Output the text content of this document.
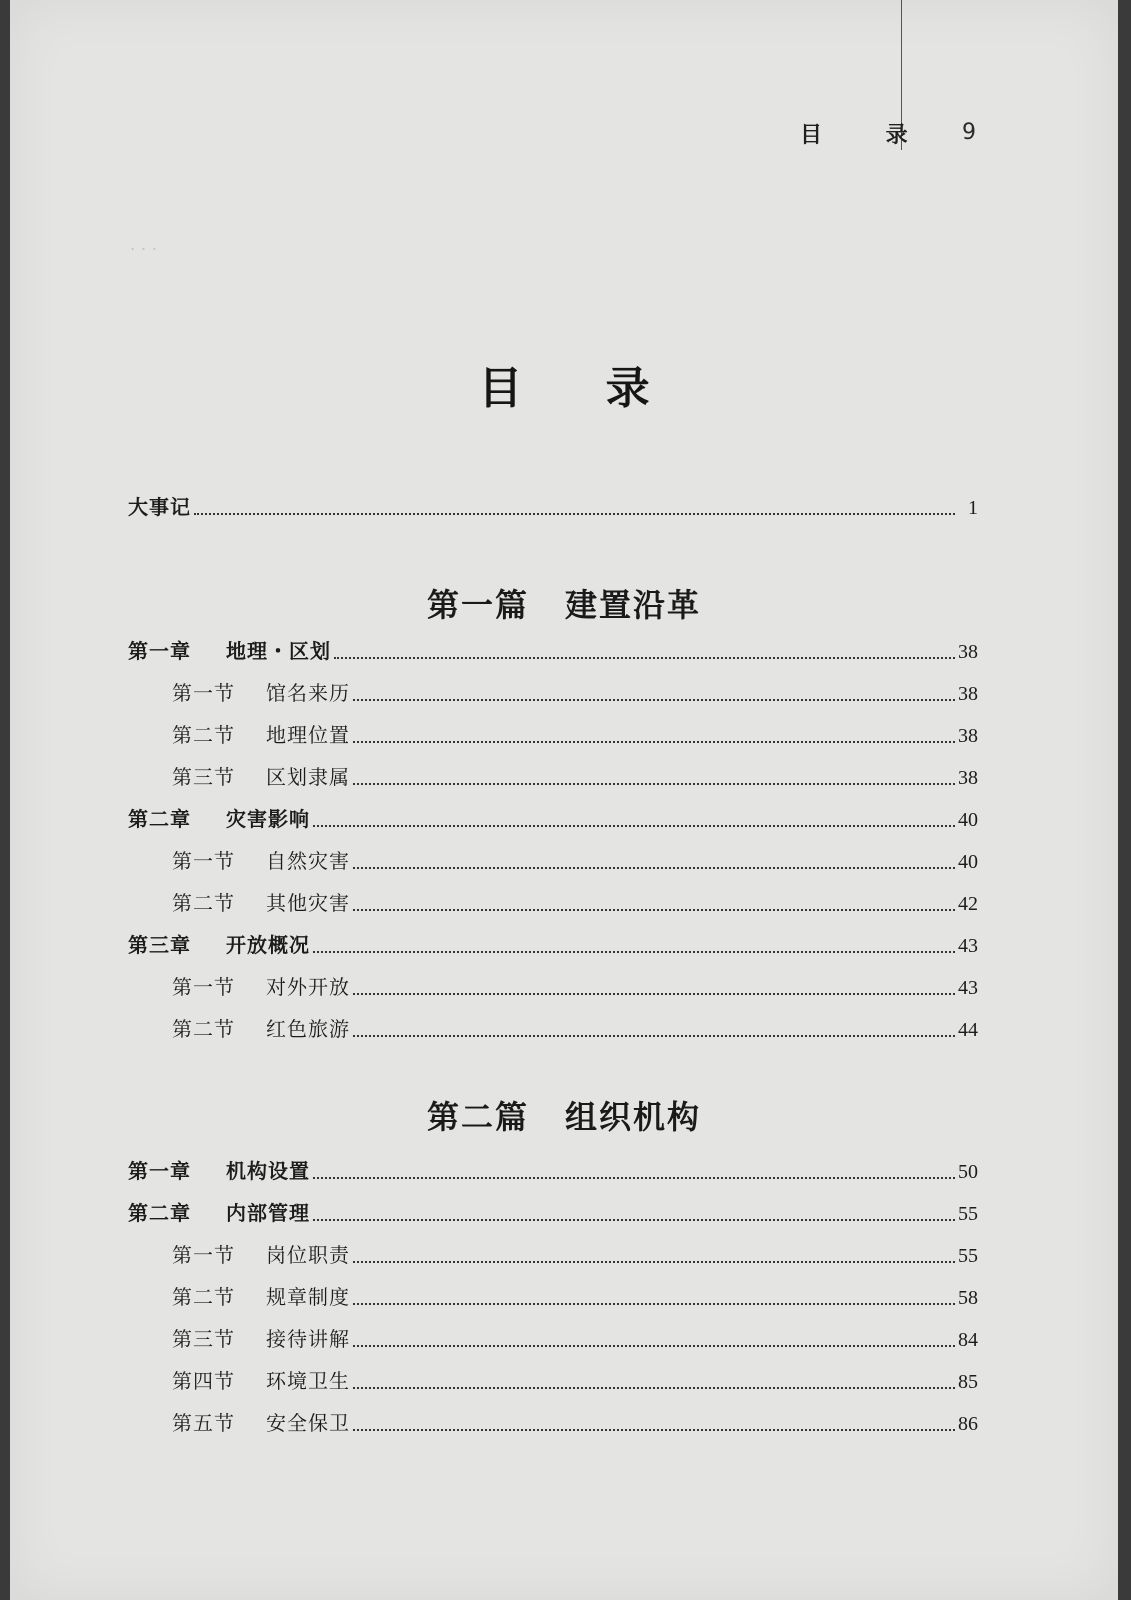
· · ·
目 录 9
目 录
大事记	1
第一篇 建置沿革
第一章	地理・区划	38
第一节	馆名来历	38
第二节	地理位置	38
第三节	区划隶属	38
第二章	灾害影响	40
第一节	自然灾害	40
第二节	其他灾害	42
第三章	开放概况	43
第一节	对外开放	43
第二节	红色旅游	44
第二篇 组织机构
第一章	机构设置	50
第二章	内部管理	55
第一节	岗位职责	55
第二节	规章制度	58
第三节	接待讲解	84
第四节	环境卫生	85
第五节	安全保卫	86
